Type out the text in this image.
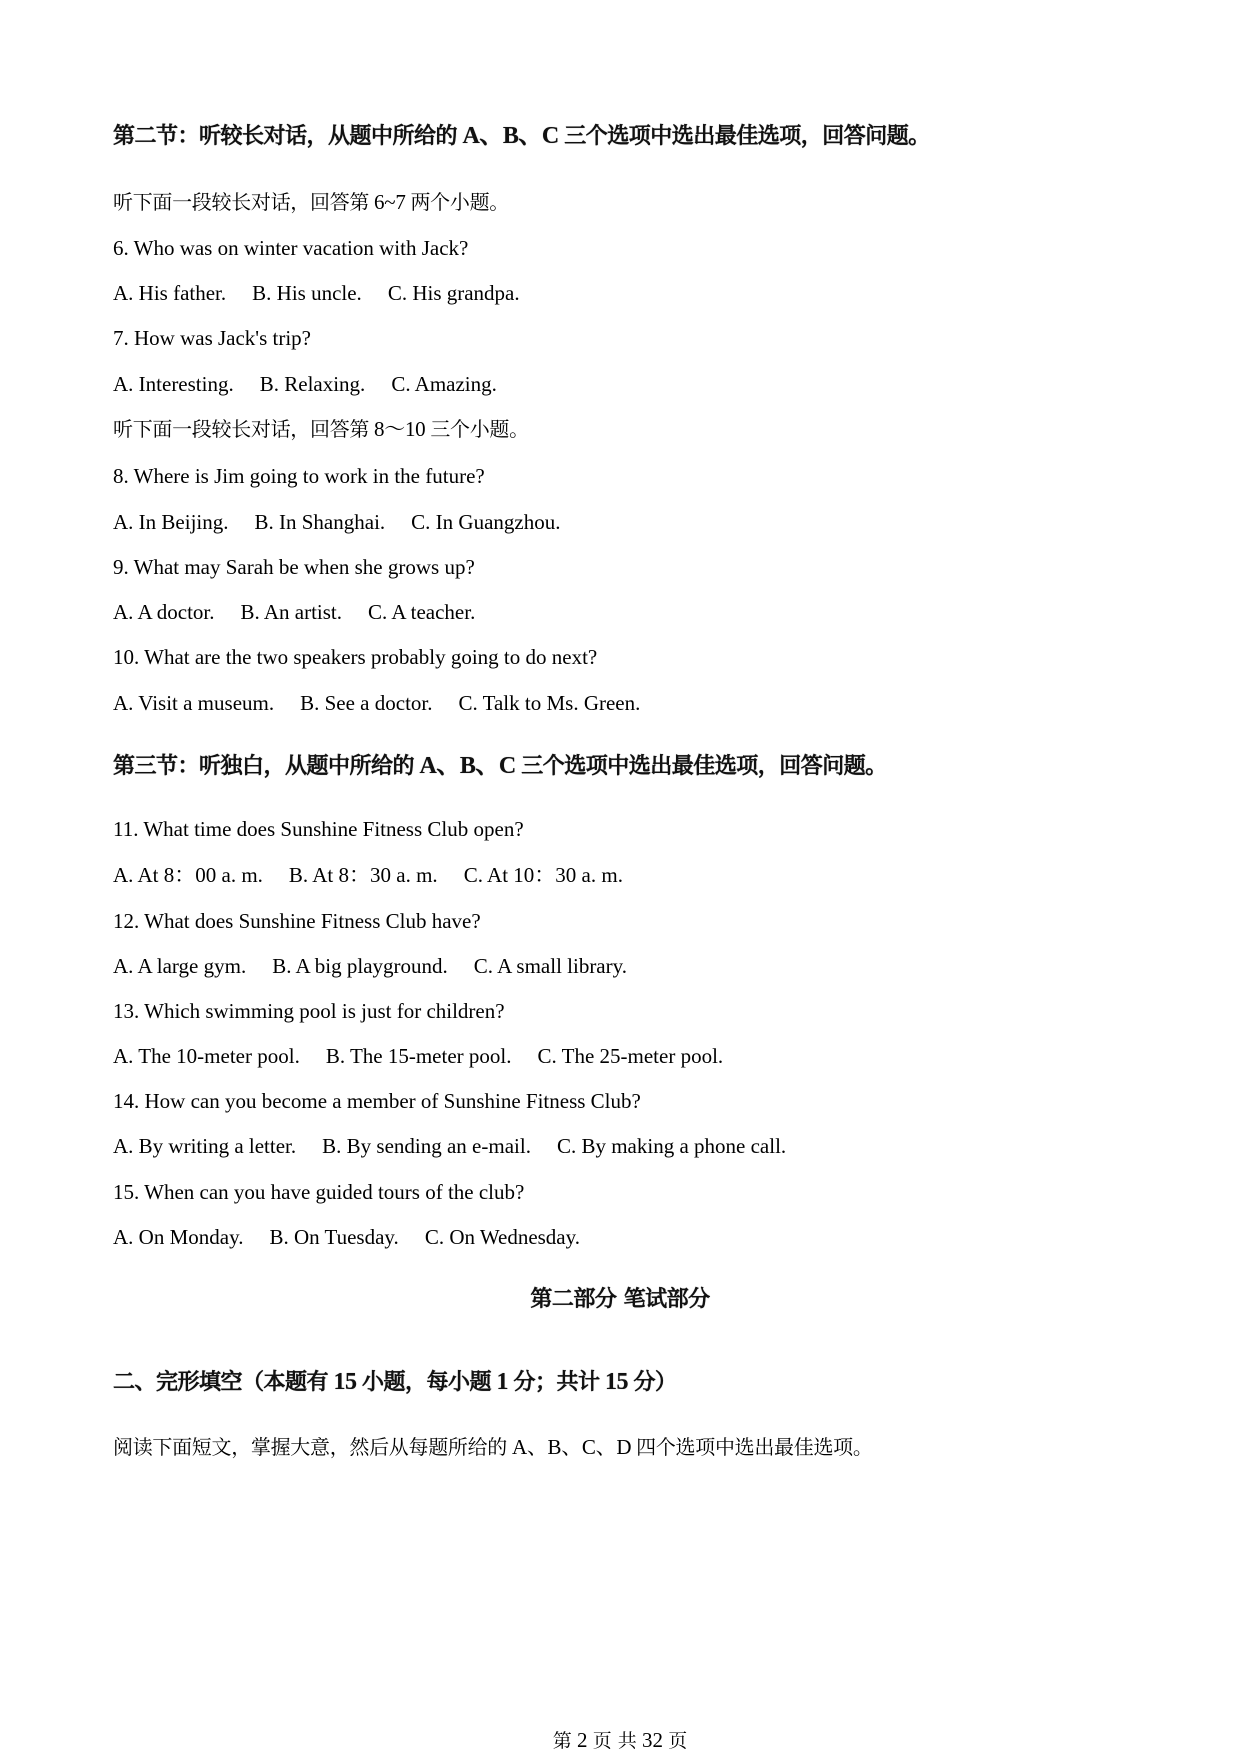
第二节：听较长对话，从题中所给的 A、B、C 三个选项中选出最佳选项，回答问题。
听下面一段较长对话，回答第 6~7 两个小题。
6. Who was on winter vacation with Jack?
A. His father. B. His uncle. C. His grandpa.
7. How was Jack's trip?
A. Interesting. B. Relaxing. C. Amazing.
听下面一段较长对话，回答第 8～10 三个小题。
8. Where is Jim going to work in the future?
A. In Beijing. B. In Shanghai. C. In Guangzhou.
9. What may Sarah be when she grows up?
A. A doctor. B. An artist. C. A teacher.
10. What are the two speakers probably going to do next?
A. Visit a museum. B. See a doctor. C. Talk to Ms. Green.
第三节：听独白，从题中所给的 A、B、C 三个选项中选出最佳选项，回答问题。
11. What time does Sunshine Fitness Club open?
A. At 8：00 a. m. B. At 8：30 a. m. C. At 10：30 a. m.
12. What does Sunshine Fitness Club have?
A. A large gym. B. A big playground. C. A small library.
13. Which swimming pool is just for children?
A. The 10-meter pool. B. The 15-meter pool. C. The 25-meter pool.
14. How can you become a member of Sunshine Fitness Club?
A. By writing a letter. B. By sending an e-mail. C. By making a phone call.
15. When can you have guided tours of the club?
A. On Monday. B. On Tuesday. C. On Wednesday.
第二部分 笔试部分
二、完形填空（本题有 15 小题，每小题 1 分；共计 15 分）
阅读下面短文，掌握大意，然后从每题所给的 A、B、C、D 四个选项中选出最佳选项。
第 2 页 共 32 页
